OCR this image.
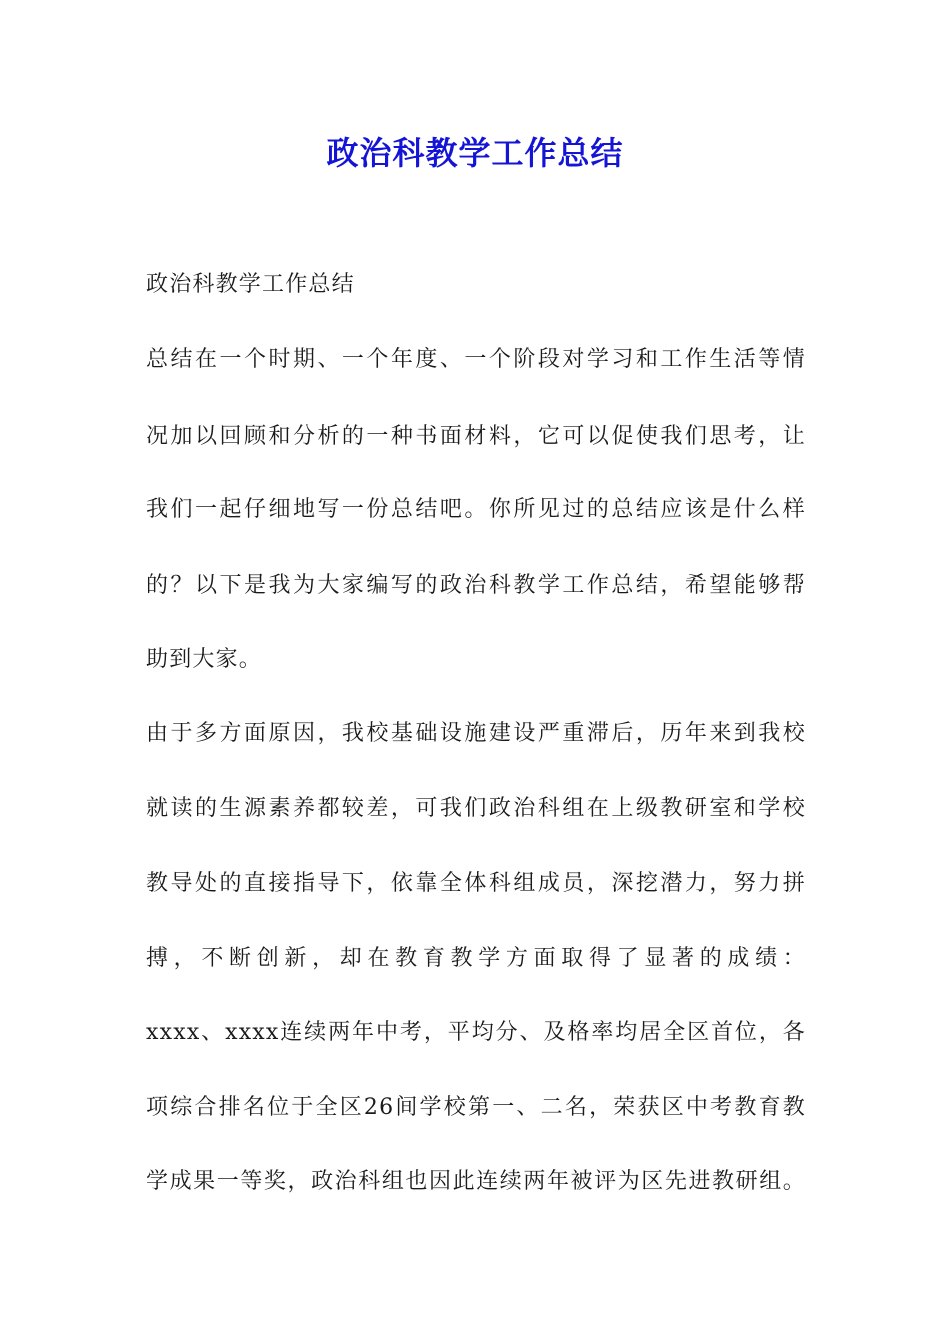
政治科教学工作总结
政治科教学工作总结
总结在一个时期、一个年度、一个阶段对学习和工作生活等情
况加以回顾和分析的一种书面材料，它可以促使我们思考，让
我们一起仔细地写一份总结吧。你所见过的总结应该是什么样
的？以下是我为大家编写的政治科教学工作总结，希望能够帮
助到大家。
由于多方面原因，我校基础设施建设严重滞后，历年来到我校
就读的生源素养都较差，可我们政治科组在上级教研室和学校
教导处的直接指导下，依靠全体科组成员，深挖潜力，努力拼
搏，不断创新，却在教育教学方面取得了显著的成绩：
xxxx、xxxx连续两年中考，平均分、及格率均居全区首位，各
项综合排名位于全区26间学校第一、二名，荣获区中考教育教
学成果一等奖，政治科组也因此连续两年被评为区先进教研组。
